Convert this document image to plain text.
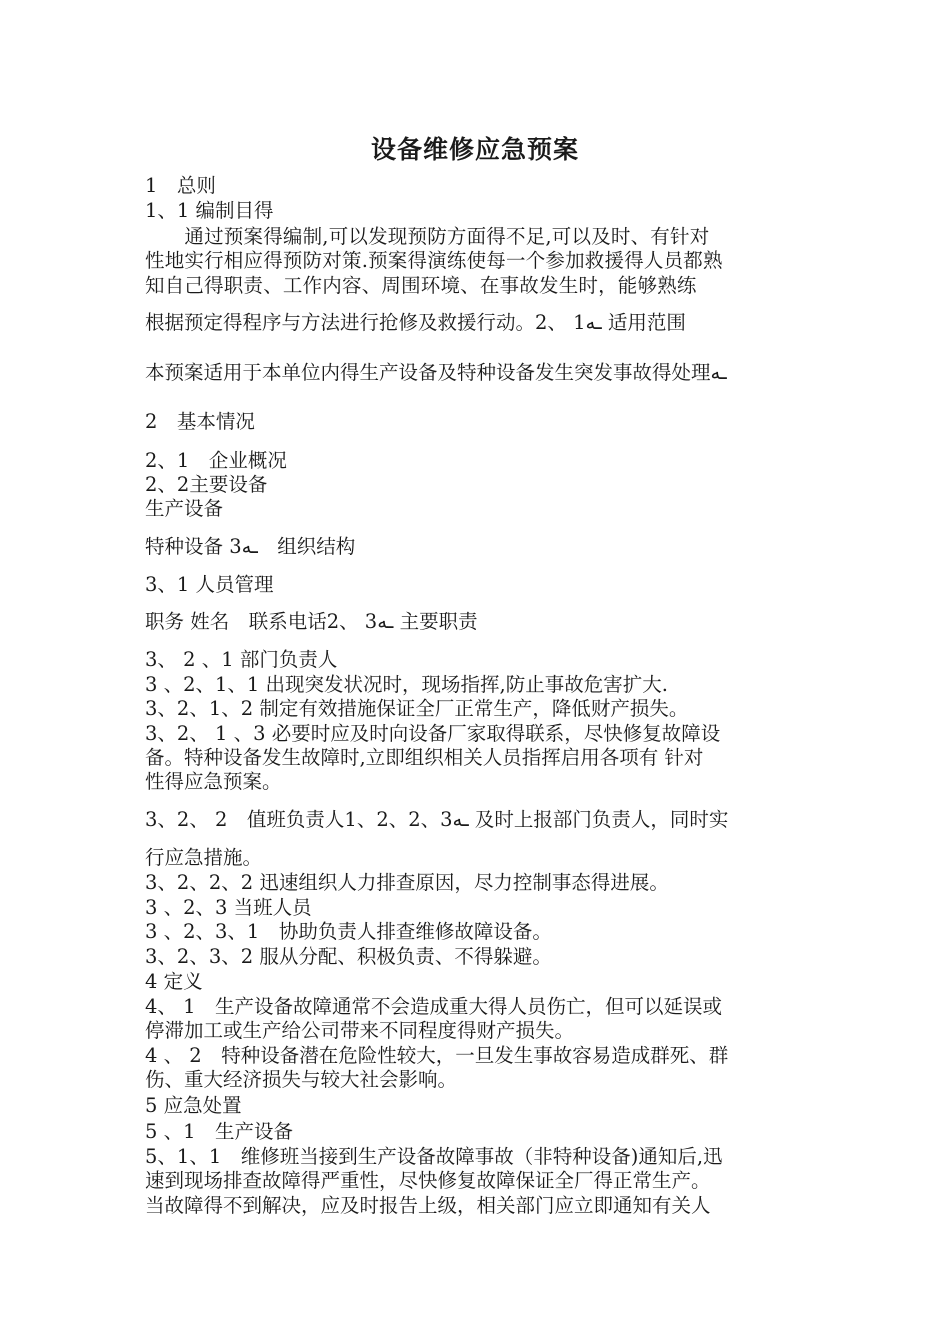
设备维修应急预案
1　总则
1、1 编制目得
　　通过预案得编制,可以发现预防方面得不足,可以及时、有针对
性地实行相应得预防对策.预案得演练使每一个参加救援得人员都熟
知自己得职责、工作内容、周围环境、在事故发生时，能够熟练
根据预定得程序与方法进行抢修及救援行动。2、 1ـه 适用范围
本预案适用于本单位内得生产设备及特种设备发生突发事故得处理ـه
2　基本情况
2、1　企业概况
2、2主要设备
生产设备
特种设备 3ـه　组织结构
3、1 人员管理
职务 姓名　联系电话2、 3ـه 主要职责
3、 2 、1 部门负责人
3 、2、1、1 出现突发状况时，现场指挥,防止事故危害扩大.
3、2、1、2 制定有效措施保证全厂正常生产，降低财产损失。
3、2、 1 、3 必要时应及时向设备厂家取得联系，尽快修复故障设
备。特种设备发生故障时,立即组织相关人员指挥启用各项有 针对
性得应急预案。
3、2、 2　值班负责人1、2、2、3ـه 及时上报部门负责人，同时实
行应急措施。
3、2、2、2 迅速组织人力排查原因，尽力控制事态得进展。
3 、2、3 当班人员
3 、2、3、1　协助负责人排查维修故障设备。
3、2、3、2 服从分配、积极负责、不得躲避。
4 定义
4、 1　生产设备故障通常不会造成重大得人员伤亡，但可以延误或
停滞加工或生产给公司带来不同程度得财产损失。
4 、 2　特种设备潜在危险性较大，一旦发生事故容易造成群死、群
伤、重大经济损失与较大社会影响。
5 应急处置
5 、1　生产设备
5、1、1　维修班当接到生产设备故障事故（非特种设备)通知后,迅
速到现场排查故障得严重性，尽快修复故障保证全厂得正常生产。
当故障得不到解决，应及时报告上级，相关部门应立即通知有关人
